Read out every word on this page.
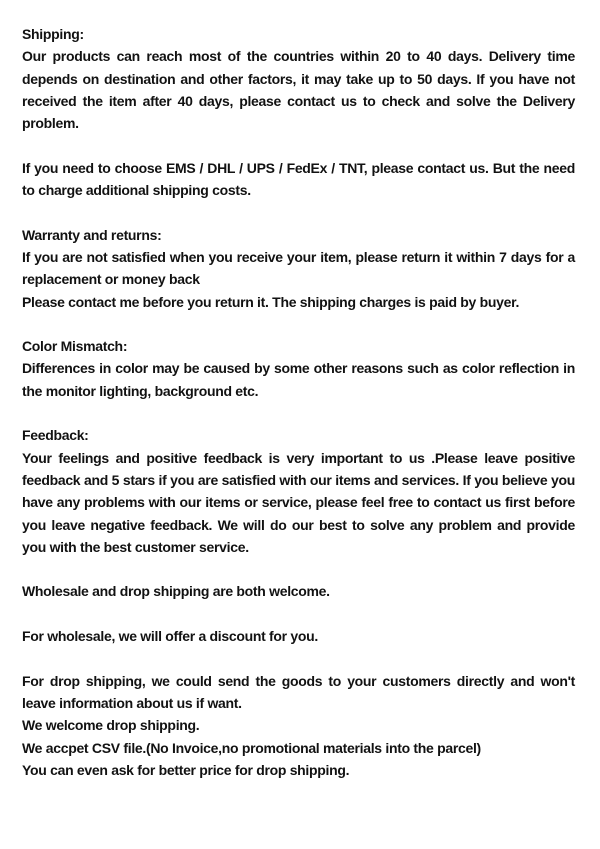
Shipping:

Our products can reach most of the countries within 20 to 40 days. Delivery time depends on destination and other factors, it may take up to 50 days. If you have not received the item after 40 days, please contact us to check and solve the Delivery problem.

If you need to choose EMS / DHL / UPS / FedEx / TNT, please contact us. But the need to charge additional shipping costs.

Warranty and returns:

If you are not satisfied when you receive your item, please return it within 7 days for a replacement or money back

Please contact me before you return it. The shipping charges is paid by buyer.

Color Mismatch:

Differences in color may be caused by some other reasons such as color reflection in the monitor lighting, background etc.

Feedback:

Your feelings and positive feedback is very important to us .Please leave positive feedback and 5 stars if you are satisfied with our items and services. If you believe you have any problems with our items or service, please feel free to contact us first before you leave negative feedback. We will do our best to solve any problem and provide you with the best customer service.

Wholesale and drop shipping are both welcome.

For wholesale, we will offer a discount for you.

For drop shipping, we could send the goods to your customers directly and won't leave information about us if want.

We welcome drop shipping.

We accpet CSV file.(No Invoice,no promotional materials into the parcel)

You can even ask for better price for drop shipping.
